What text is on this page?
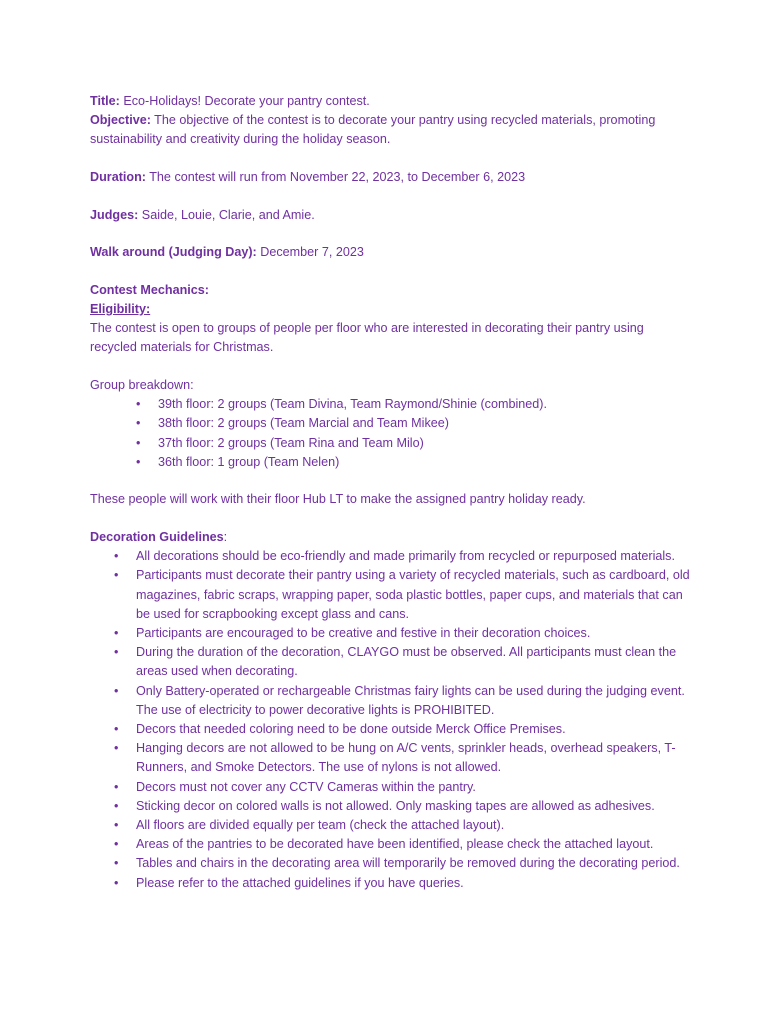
Title: Eco-Holidays! Decorate your pantry contest.

Objective: The objective of the contest is to decorate your pantry using recycled materials, promoting sustainability and creativity during the holiday season.

Duration: The contest will run from November 22, 2023, to December 6, 2023

Judges: Saide, Louie, Clarie, and Amie.

Walk around (Judging Day): December 7, 2023

Contest Mechanics:

Eligibility:

The contest is open to groups of people per floor who are interested in decorating their pantry using recycled materials for Christmas.

Group breakdown:

• 39th floor: 2 groups (Team Divina, Team Raymond/Shinie (combined).
• 38th floor: 2 groups (Team Marcial and Team Mikee)
• 37th floor: 2 groups (Team Rina and Team Milo)
• 36th floor: 1 group (Team Nelen)

These people will work with their floor Hub LT to make the assigned pantry holiday ready.

Decoration Guidelines:

• All decorations should be eco-friendly and made primarily from recycled or repurposed materials.
• Participants must decorate their pantry using a variety of recycled materials, such as cardboard, old magazines, fabric scraps, wrapping paper, soda plastic bottles, paper cups, and materials that can be used for scrapbooking except glass and cans.
• Participants are encouraged to be creative and festive in their decoration choices.
• During the duration of the decoration, CLAYGO must be observed. All participants must clean the areas used when decorating.
• Only Battery-operated or rechargeable Christmas fairy lights can be used during the judging event. The use of electricity to power decorative lights is PROHIBITED.
• Decors that needed coloring need to be done outside Merck Office Premises.
• Hanging decors are not allowed to be hung on A/C vents, sprinkler heads, overhead speakers, T-Runners, and Smoke Detectors. The use of nylons is not allowed.
• Decors must not cover any CCTV Cameras within the pantry.
• Sticking decor on colored walls is not allowed. Only masking tapes are allowed as adhesives.
• All floors are divided equally per team (check the attached layout).
• Areas of the pantries to be decorated have been identified, please check the attached layout.
• Tables and chairs in the decorating area will temporarily be removed during the decorating period.
• Please refer to the attached guidelines if you have queries.
